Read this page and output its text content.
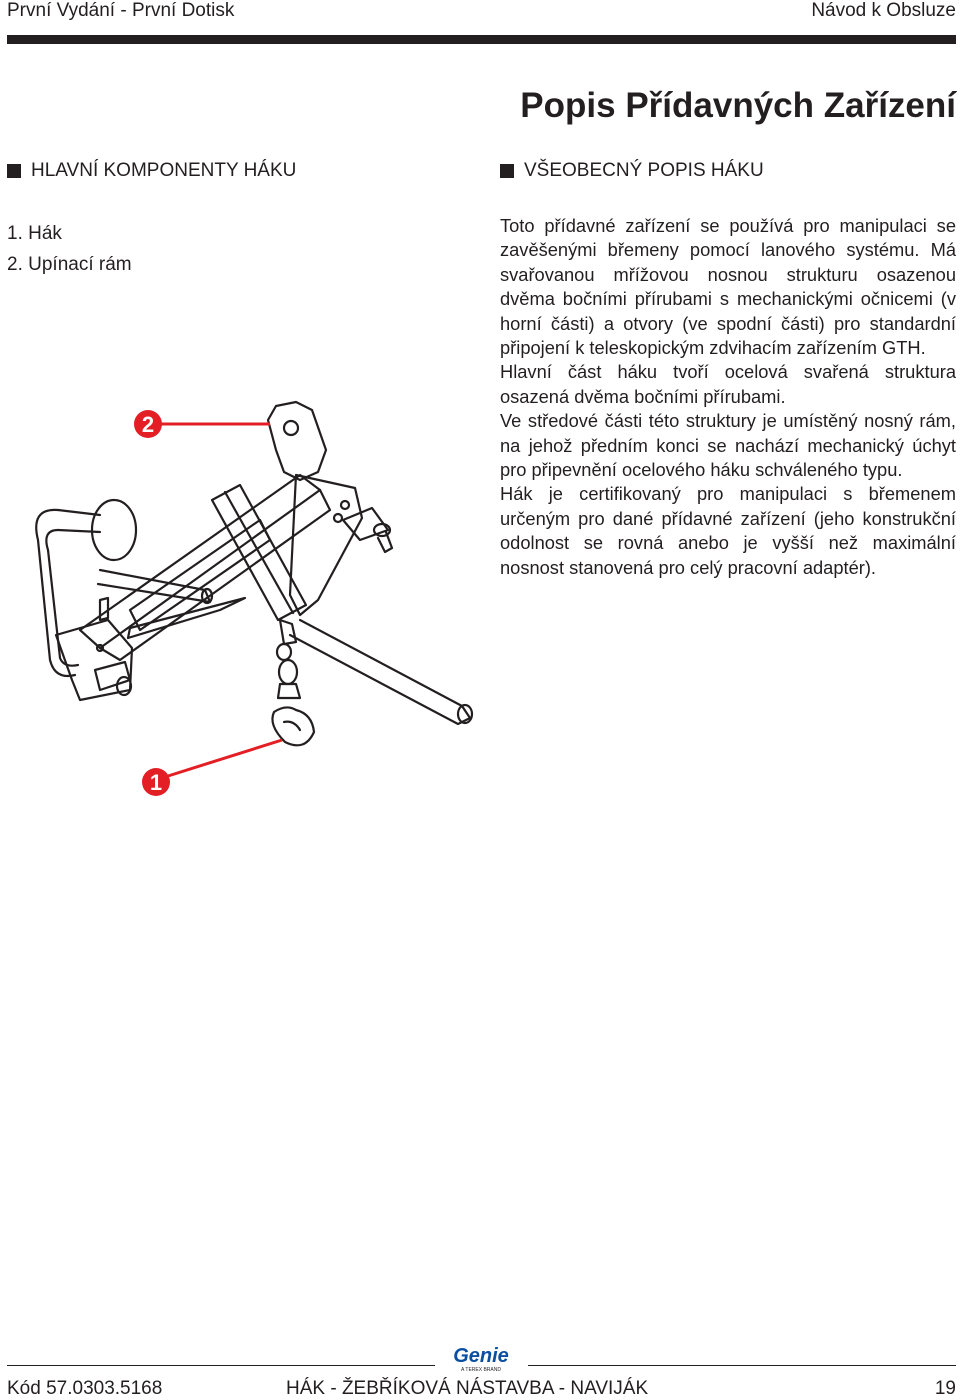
První Vydání - První Dotisk	Návod k Obsluze
Popis Přídavných Zařízení
HLAVNÍ KOMPONENTY HÁKU	VŠEOBECNÝ POPIS HÁKU
1. Hák
2. Upínací rám

Toto přídavné zařízení se používá pro manipulaci se zavěšenými břemeny pomocí lanového systému. Má svařovanou mřížovou nosnou strukturu osazenou dvěma bočními přírubami s mechanickými očnicemi (v horní části) a otvory (ve spodní části) pro standardní připojení k teleskopickým zdvihacím zařízením GTH.

Hlavní část háku tvoří ocelová svařená struktura osazená dvěma bočními přírubami.

Ve středové části této struktury je umístěný nosný rám, na jehož předním konci se nachází mechanický úchyt pro připevnění ocelového háku schváleného typu.

Hák je certifikovaný pro manipulaci s břemenem určeným pro dané přídavné zařízení (jeho konstrukční odolnost se rovná anebo je vyšší než maximální nosnost stanovená pro celý pracovní adaptér).

2
1
Genie
A TEREX BRAND
Kód 57.0303.5168	HÁK - ŽEBŘÍKOVÁ NÁSTAVBA - NAVIJÁK	19
